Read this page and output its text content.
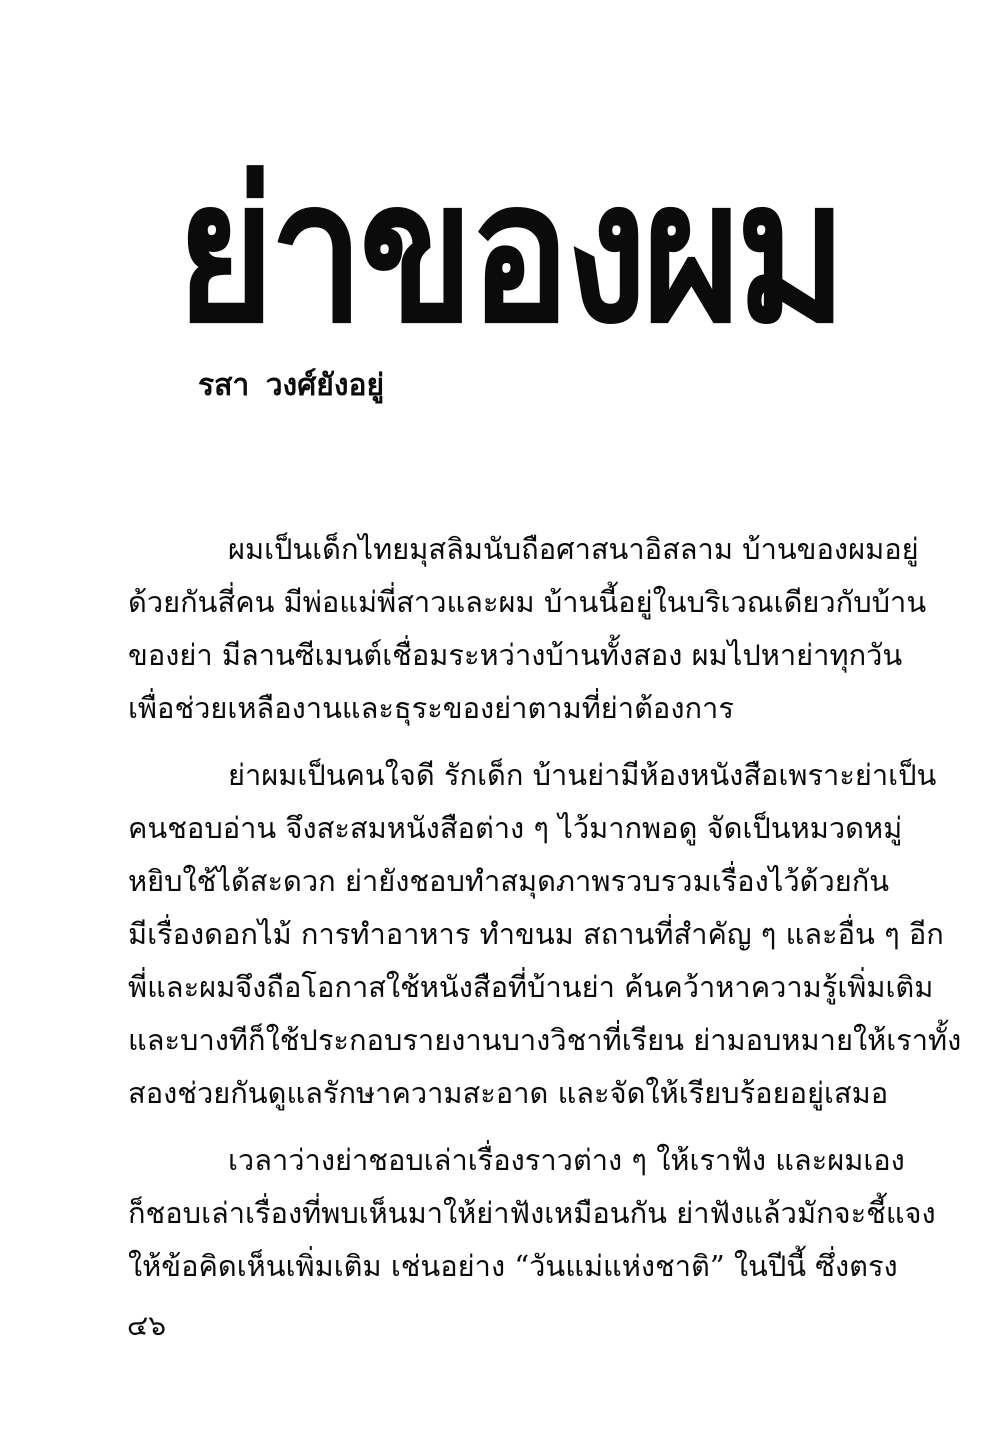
ย่าของผม
รสา วงศ์ยังอยู่
ผมเป็นเด็กไทยมุสลิมนับถือศาสนาอิสลาม บ้านของผมอยู่
ด้วยกันสี่คน มีพ่อแม่พี่สาวและผม บ้านนี้อยู่ในบริเวณเดียวกับบ้าน
ของย่า มีลานซีเมนต์เชื่อมระหว่างบ้านทั้งสอง ผมไปหาย่าทุกวัน
เพื่อช่วยเหลืองานและธุระของย่าตามที่ย่าต้องการ
ย่าผมเป็นคนใจดี รักเด็ก บ้านย่ามีห้องหนังสือเพราะย่าเป็น
คนชอบอ่าน จึงสะสมหนังสือต่าง ๆ ไว้มากพอดู จัดเป็นหมวดหมู่
หยิบใช้ได้สะดวก ย่ายังชอบทำสมุดภาพรวบรวมเรื่องไว้ด้วยกัน
มีเรื่องดอกไม้ การทำอาหาร ทำขนม สถานที่สำคัญ ๆ และอื่น ๆ อีก
พี่และผมจึงถือโอกาสใช้หนังสือที่บ้านย่า ค้นคว้าหาความรู้เพิ่มเติม
และบางทีก็ใช้ประกอบรายงานบางวิชาที่เรียน ย่ามอบหมายให้เราทั้ง
สองช่วยกันดูแลรักษาความสะอาด และจัดให้เรียบร้อยอยู่เสมอ
เวลาว่างย่าชอบเล่าเรื่องราวต่าง ๆ ให้เราฟัง และผมเอง
ก็ชอบเล่าเรื่องที่พบเห็นมาให้ย่าฟังเหมือนกัน ย่าฟังแล้วมักจะชี้แจง
ให้ข้อคิดเห็นเพิ่มเติม เช่นอย่าง “วันแม่แห่งชาติ” ในปีนี้ ซึ่งตรง
๔๖
